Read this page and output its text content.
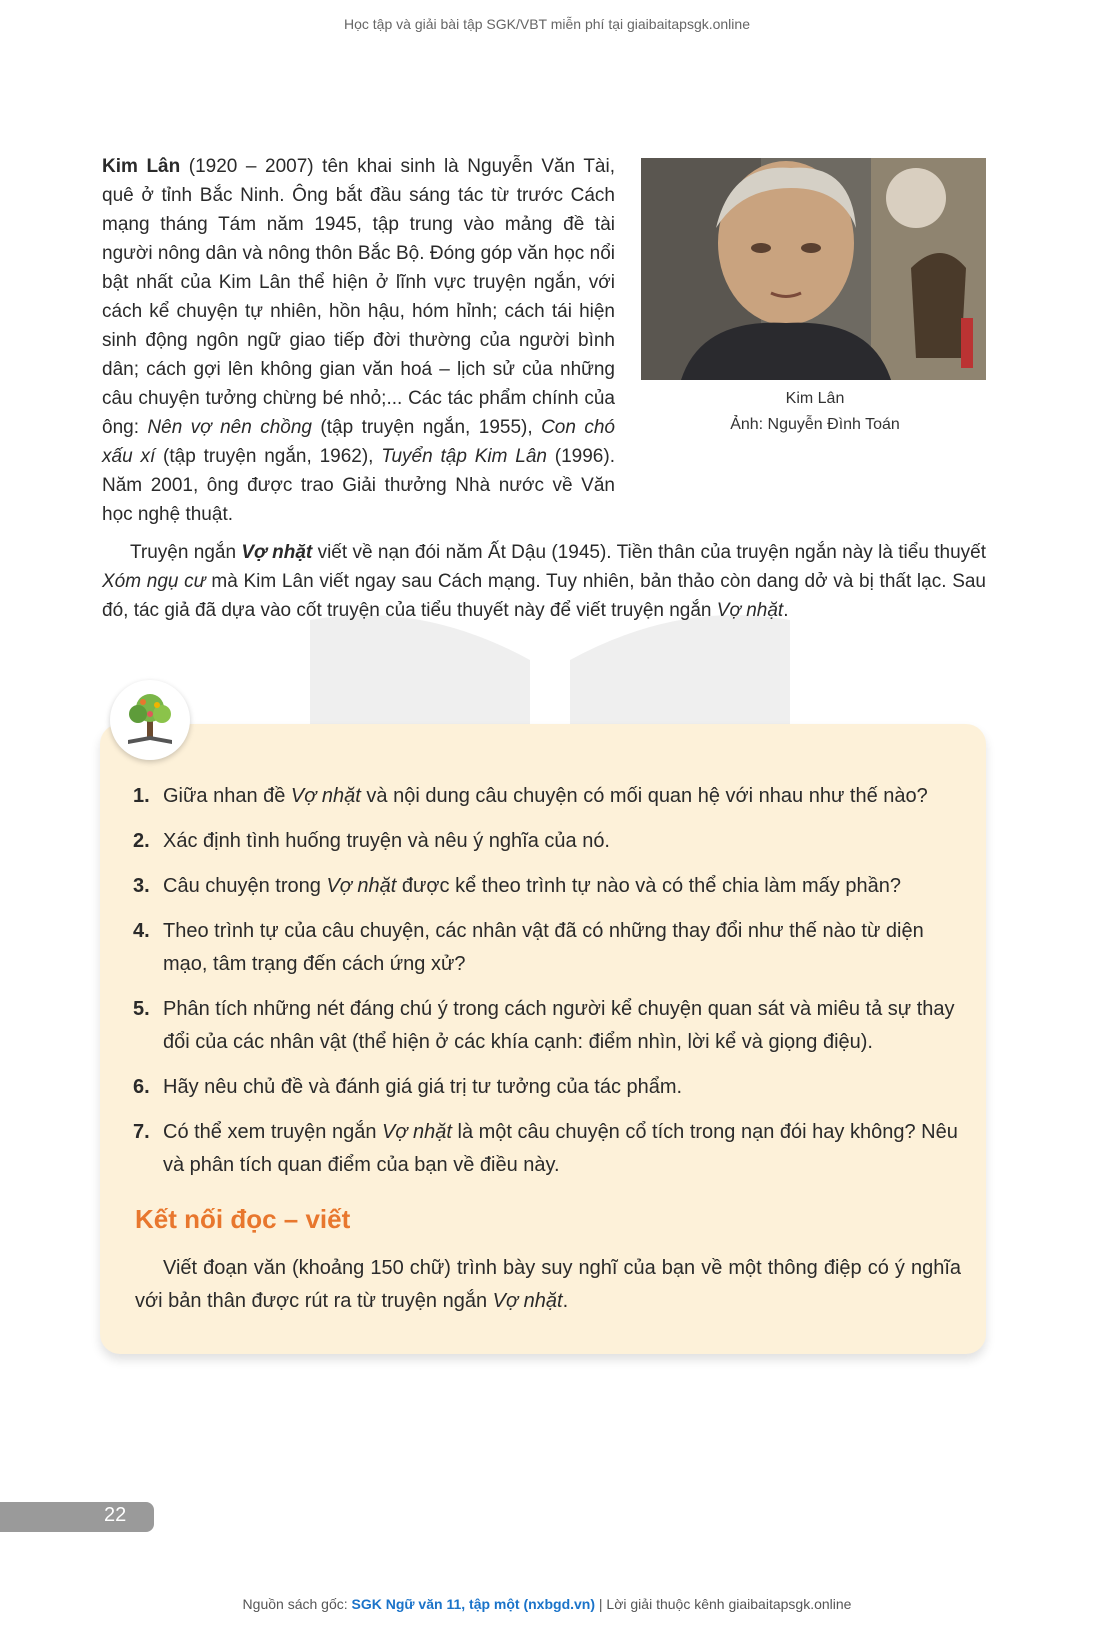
Học tập và giải bài tập SGK/VBT miễn phí tại giaibaitapsgk.online
Kim Lân (1920 – 2007) tên khai sinh là Nguyễn Văn Tài, quê ở tỉnh Bắc Ninh. Ông bắt đầu sáng tác từ trước Cách mạng tháng Tám năm 1945, tập trung vào mảng đề tài người nông dân và nông thôn Bắc Bộ. Đóng góp văn học nổi bật nhất của Kim Lân thể hiện ở lĩnh vực truyện ngắn, với cách kể chuyện tự nhiên, hồn hậu, hóm hỉnh; cách tái hiện sinh động ngôn ngữ giao tiếp đời thường của người bình dân; cách gợi lên không gian văn hoá – lịch sử của những câu chuyện tưởng chừng bé nhỏ;... Các tác phẩm chính của ông: Nên vợ nên chồng (tập truyện ngắn, 1955), Con chó xấu xí (tập truyện ngắn, 1962), Tuyển tập Kim Lân (1996). Năm 2001, ông được trao Giải thưởng Nhà nước về Văn học nghệ thuật.
Kim Lân
Ảnh: Nguyễn Đình Toán
Truyện ngắn Vợ nhặt viết về nạn đói năm Ất Dậu (1945). Tiền thân của truyện ngắn này là tiểu thuyết Xóm ngụ cư mà Kim Lân viết ngay sau Cách mạng. Tuy nhiên, bản thảo còn dang dở và bị thất lạc. Sau đó, tác giả đã dựa vào cốt truyện của tiểu thuyết này để viết truyện ngắn Vợ nhặt.
1. Giữa nhan đề Vợ nhặt và nội dung câu chuyện có mối quan hệ với nhau như thế nào?
2. Xác định tình huống truyện và nêu ý nghĩa của nó.
3. Câu chuyện trong Vợ nhặt được kể theo trình tự nào và có thể chia làm mấy phần?
4. Theo trình tự của câu chuyện, các nhân vật đã có những thay đổi như thế nào từ diện mạo, tâm trạng đến cách ứng xử?
5. Phân tích những nét đáng chú ý trong cách người kể chuyện quan sát và miêu tả sự thay đổi của các nhân vật (thể hiện ở các khía cạnh: điểm nhìn, lời kể và giọng điệu).
6. Hãy nêu chủ đề và đánh giá giá trị tư tưởng của tác phẩm.
7. Có thể xem truyện ngắn Vợ nhặt là một câu chuyện cổ tích trong nạn đói hay không? Nêu và phân tích quan điểm của bạn về điều này.
Kết nối đọc – viết
Viết đoạn văn (khoảng 150 chữ) trình bày suy nghĩ của bạn về một thông điệp có ý nghĩa với bản thân được rút ra từ truyện ngắn Vợ nhặt.
22
Nguồn sách gốc: SGK Ngữ văn 11, tập một (nxbgd.vn) | Lời giải thuộc kênh giaibaitapsgk.online
